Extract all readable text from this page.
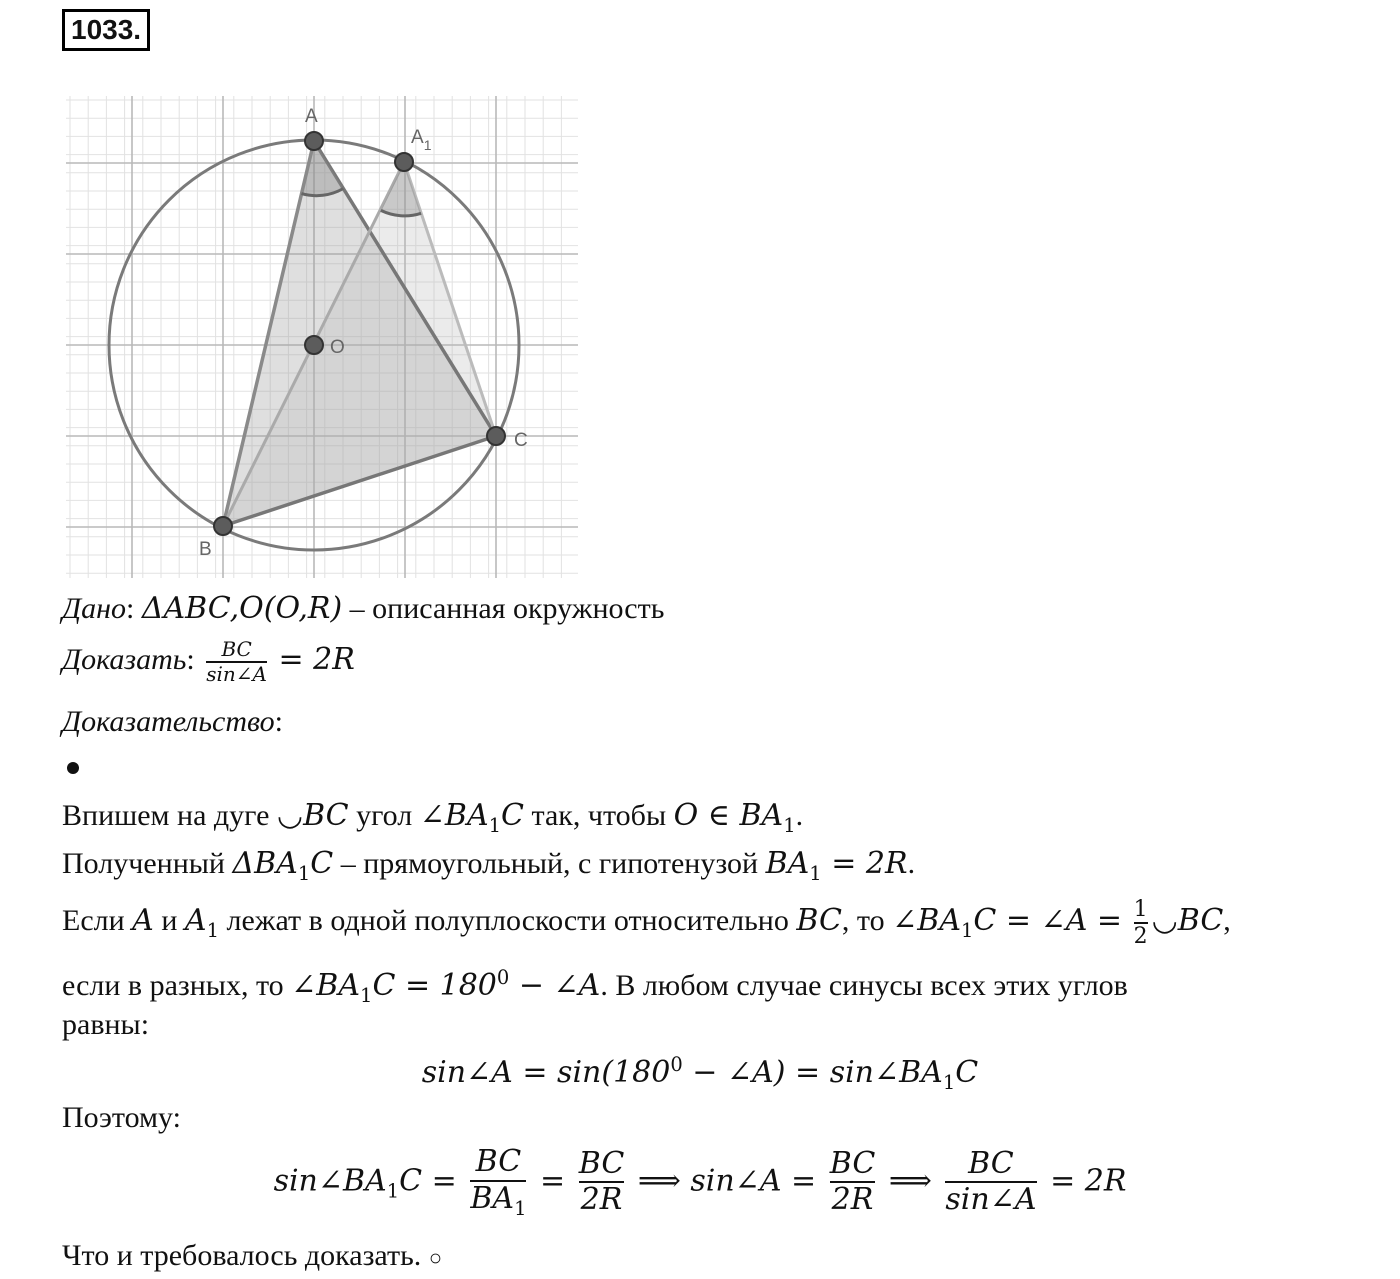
1033.
A
$A_1$
O
C
B
Дано: ΔABC,O(O,R) – описанная окружность
Доказать: $\frac{BC}{\sin\angle A} = 2R$
Доказательство:
Впишем на дуге ◡BC угол $\angle BA_1C$ так, чтобы O ∈ $BA_1$.
Полученный $\Delta BA_1C$ – прямоугольный, с гипотенузой $BA_1 = 2R$.
Если A и $A_1$ лежат в одной полуплоскости относительно BC, то $\angle BA_1C$ = ∠A = $\frac{1}{2}$ ◡BC,
если в разных, то $\angle BA_1C = 180^0$ − ∠A. В любом случае синусы всех этих углов
равны:
sin∠A = $\sin(180^0$ − ∠A) = $\sin\angle BA_1C$
Поэтому:
$\sin\angle BA_1C = \frac{BC}{BA_1} = \frac{BC}{2R}$ ⟹ sin∠A = $\frac{BC}{2R}$ ⟹ $\frac{BC}{\sin\angle A} = 2R$
Что и требовалось доказать. ○
